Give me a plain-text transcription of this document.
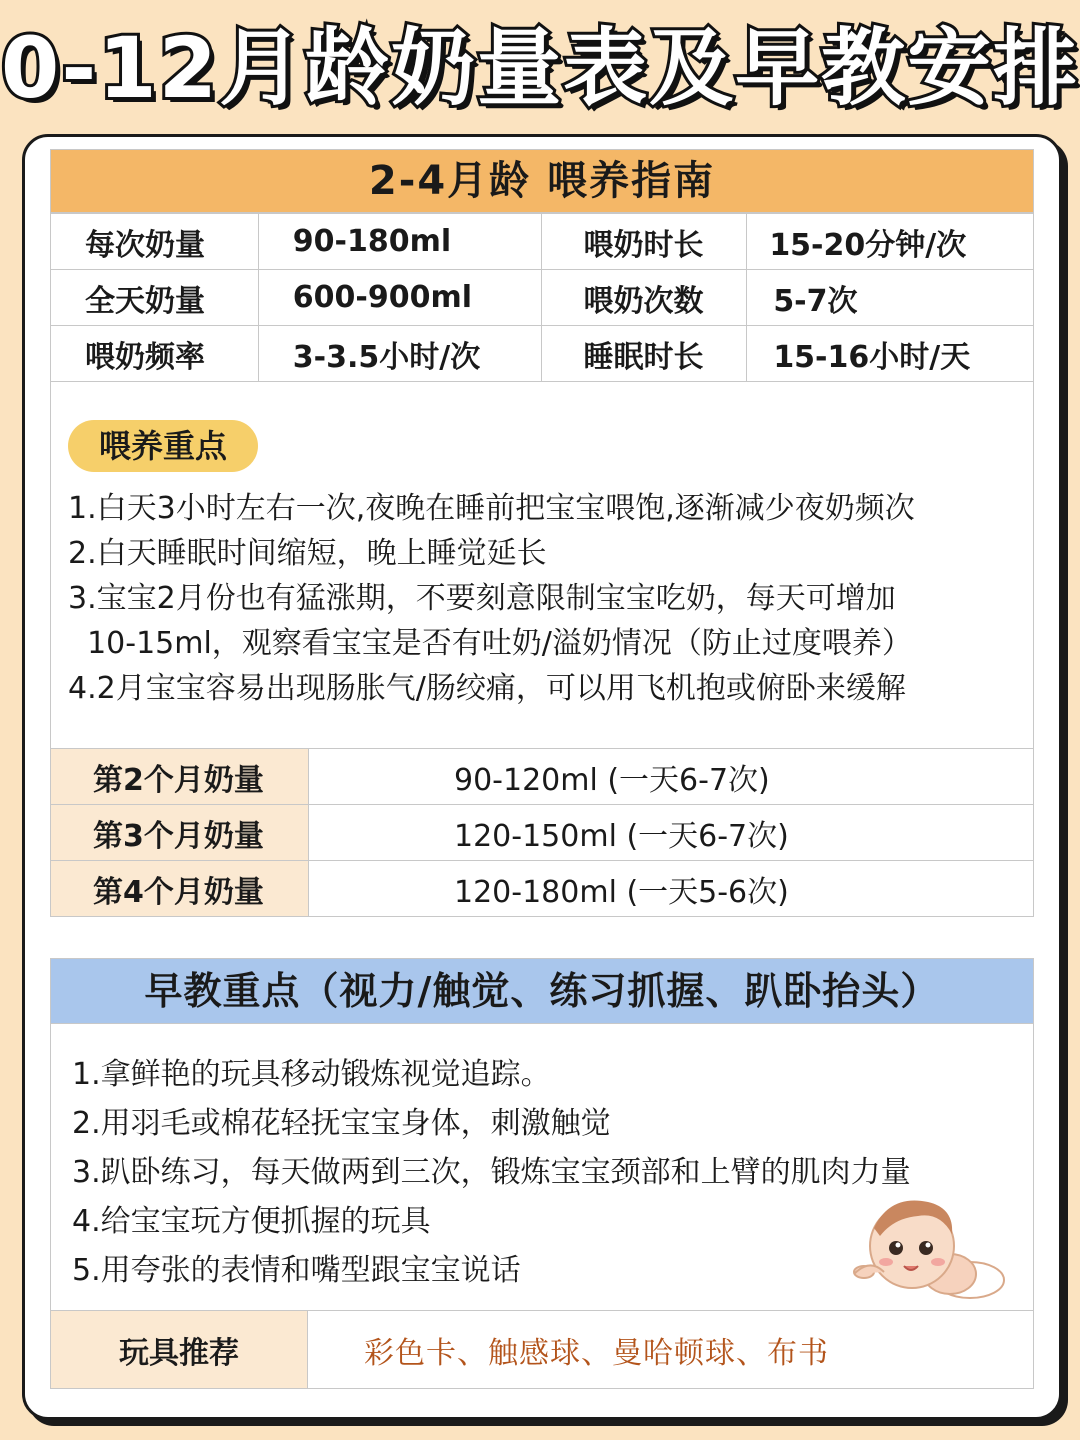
0-12月龄奶量表及早教安排
2-4月龄 喂养指南
每次奶量	90-180ml	喂奶时长	15-20分钟/次
全天奶量	600-900ml	喂奶次数	5-7次
喂奶频率	3-3.5小时/次	睡眠时长	15-16小时/天
喂养重点
1.白天3小时左右一次,夜晚在睡前把宝宝喂饱,逐渐减少夜奶频次
2.白天睡眠时间缩短，晚上睡觉延长
3.宝宝2月份也有猛涨期，不要刻意限制宝宝吃奶，每天可增加
10-15ml，观察看宝宝是否有吐奶/溢奶情况（防止过度喂养）
4.2月宝宝容易出现肠胀气/肠绞痛，可以用飞机抱或俯卧来缓解
第2个月奶量	90-120ml (一天6-7次)
第3个月奶量	120-150ml (一天6-7次)
第4个月奶量	120-180ml (一天5-6次)
早教重点（视力/触觉、练习抓握、趴卧抬头）
1.拿鲜艳的玩具移动锻炼视觉追踪。
2.用羽毛或棉花轻抚宝宝身体，刺激触觉
3.趴卧练习，每天做两到三次，锻炼宝宝颈部和上臂的肌肉力量
4.给宝宝玩方便抓握的玩具
5.用夸张的表情和嘴型跟宝宝说话
玩具推荐	彩色卡、触感球、曼哈顿球、布书
